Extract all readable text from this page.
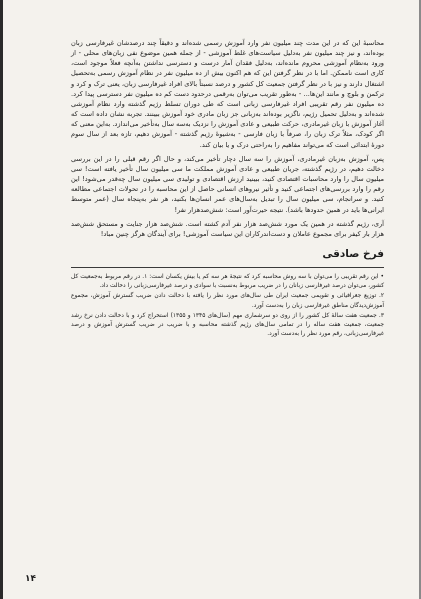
محاسبهٔ این که در این مدت چند میلیون نفر وارد آموزش رسمی شده‌اند و دقیقاً چند درصدشان غیرفارسی زبان بوده‌اند، و نیز چند میلیون نفر به‌دلیل سیاست‌های غلط آموزشی - از جمله همین موضوع نفی زبان‌های محلی - از ورود به‌نظام آموزشی محروم مانده‌اند، به‌دلیل فقدان آمار درست و دسترسی نداشتن به‌آنچه فعلاً موجود است، کاری است ناممکن. اما با در نظر گرفتن این که هم اکنون بیش از ده میلیون نفر در نظام آموزش رسمی به‌تحصیل اشتغال دارند و نیز با در نظر گرفتن جمعیت کل کشور و درصد نسبتاً بالای افراد غیرفارسی زبان، یعنی ترک و کرد و ترکمن و بلوچ و مانند این‌ها... - به‌طور تقریب می‌توان به‌رقمی درحدود دست کم ده میلیون نفر دسترسی پیدا کرد. ده میلیون نفر رقم تقریبی افراد غیرفارسی زبانی است که طی دوران تسلط رژیم گذشته وارد نظام آموزشی شده‌اند و به‌دلیل تحمیل رژیم، ناگزیر بوده‌اند به‌زبانی جز زبان مادری خود آموزش ببینند. تجربه نشان داده است که آغاز آموزش با زبان غیرمادری، حرکت طبیعی و عادی آموزش را نزدیک به‌سه سال به‌تأخیر می‌اندازد. به‌این معنی که اگر کودک، مثلاً ترک زبان را، صرفاً با زبان فارسی - به‌شیوهٔ رژیم گذشته - آموزش دهیم، تازه بعد از سال سوم دورهٔ ابتدائی است که می‌تواند مفاهیم را به‌راحتی درک و یا بیان کند.

پس، آموزش به‌زبان غیرمادری، آموزش را سه سال دچار تأخیر می‌کند، و حال اگر رقم قبلی را در این بررسی دخالت دهیم، در رژیم گذشته، جریان طبیعی و عادی آموزش مملکت ما سی میلیون سال تأخیر یافته است! سی میلیون سال را وارد محاسبات اقتصادی کنید، ببینید ارزش اقتصادی و تولیدی سی میلیون سال چه‌قدر می‌شود! این رقم را وارد بررسی‌های اجتماعی کنید و تأثیر نیروهای انسانی حاصل از این محاسبه را در تحولات اجتماعی مطالعه کنید. و سرانجام، سی میلیون سال را تبدیل به‌سال‌های عمر انسان‌ها بکنید، هر نفر به‌پنجاه سال (عمر متوسط ایرانی‌ها باید در همین حدودها باشد). نتیجه حیرت‌آور است: شش‌صدهزار نفر!

آری، رژیم گذشته در همین یک مورد شش‌صد هزار نفر آدم کشته است. شش‌صد هزار جنایت و مستحق شش‌صد هزار بار کیفر برای مجموع عاملان و دست‌اندرکاران این سیاست آموزشی! برای آیندگان هرگز چنین مباد!

فرخ صادقی

• این رقم تقریبی را می‌توان با سه روش محاسبه کرد که نتیجهٔ هر سه کم یا بیش یکسان است: ۱. در رقم مربوط به‌جمعیت کل کشور، می‌توان درصد غیرفارسی زبانان را در ضریب مربوط به‌نسبت با سوادی و درصد غیرفارسی‌زبانی را دخالت داد.

۲. توزیع جغرافیائی و تقویمی جمعیت ایران طی سال‌های مورد نظر را یافته با دخالت دادن ضریب گسترش آموزش، مجموع آموزش‌دیدگان مناطق غیرفارسی زبان را به‌دست آورد.

۳. جمعیت هفت سالهٔ کل کشور را از روی دو سرشماری مهم (سال‌های ۱۳۴۵ و ۱۳۵۵) استخراج کرد و با دخالت دادن نرخ رشد جمعیت، جمعیت هفت ساله را در تمامی سال‌های رژیم گذشته محاسبه و با ضریب در ضریب گسترش آموزش و درصد غیرفارسی‌زبانی، رقم مورد نظر را به‌دست آورد.

۱۴
